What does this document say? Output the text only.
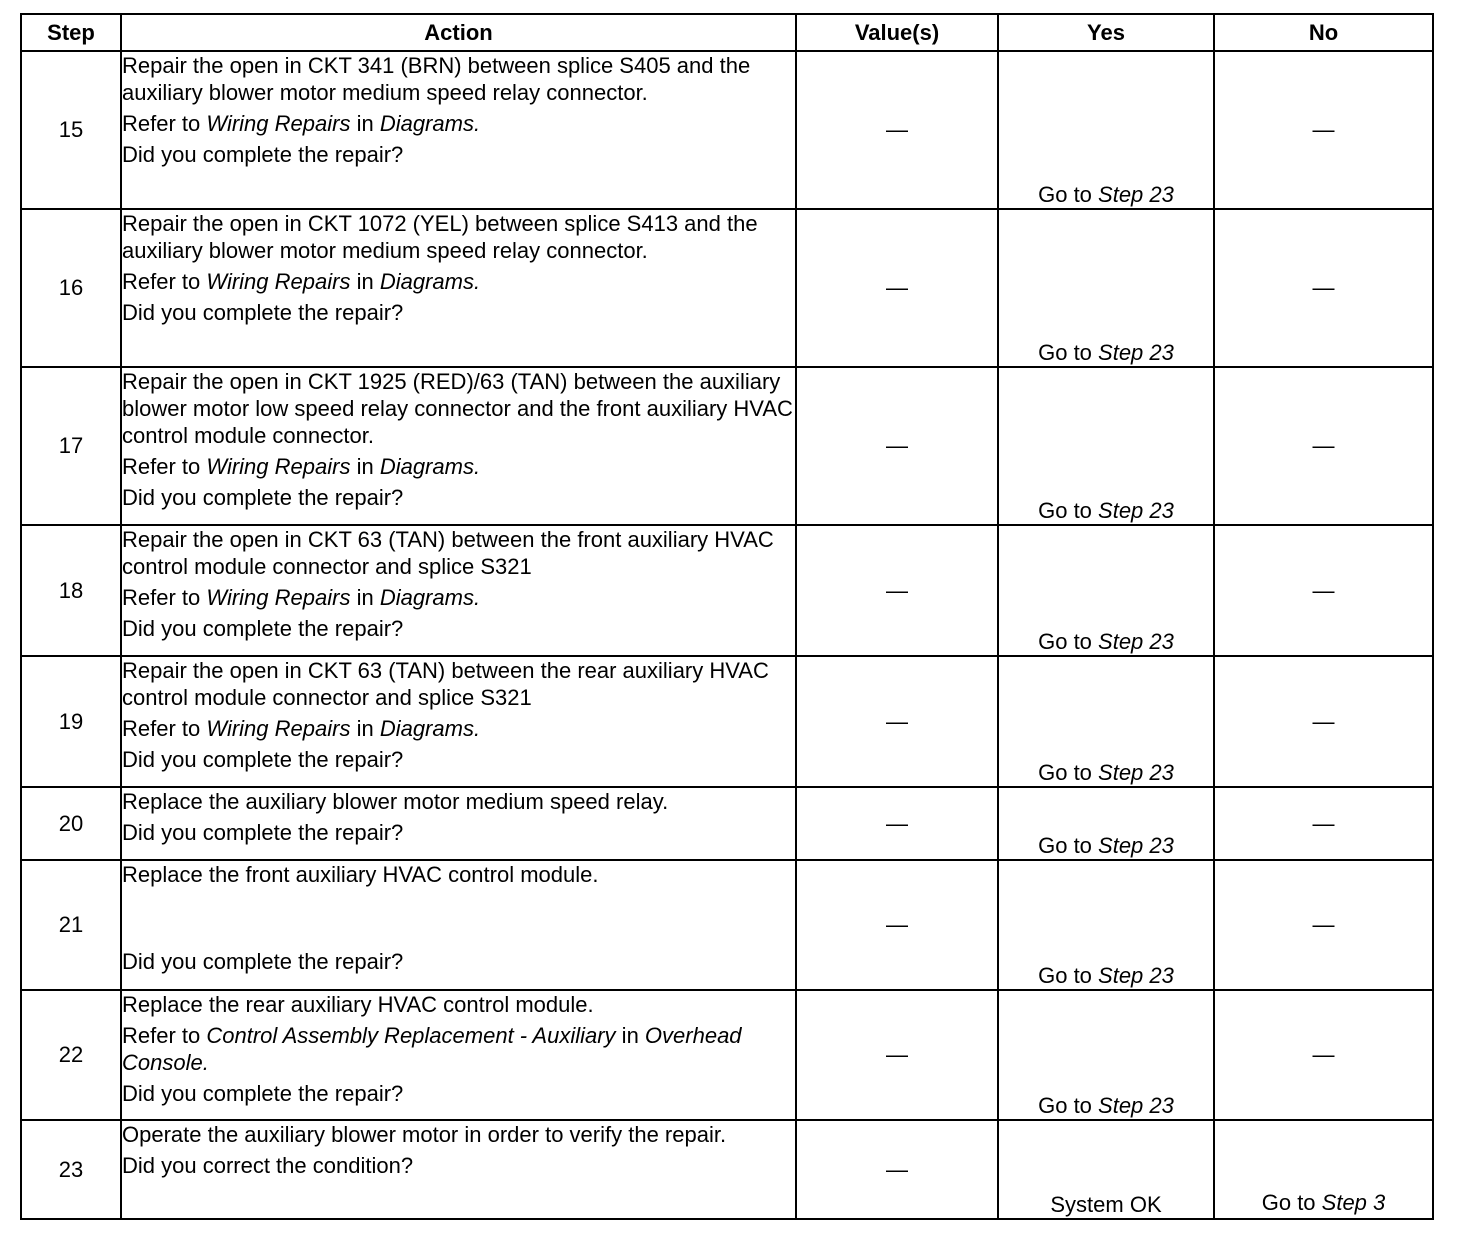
Step	Action	Value(s)	Yes	No
15	Repair the open in CKT 341 (BRN) between splice S405 and the auxiliary blower motor medium speed relay connector.
Refer to Wiring Repairs in Diagrams.
Did you complete the repair?	—	Go to Step 23	—
16	Repair the open in CKT 1072 (YEL) between splice S413 and the auxiliary blower motor medium speed relay connector.
Refer to Wiring Repairs in Diagrams.
Did you complete the repair?	—	Go to Step 23	—
17	Repair the open in CKT 1925 (RED)/63 (TAN) between the auxiliary blower motor low speed relay connector and the front auxiliary HVAC control module connector.
Refer to Wiring Repairs in Diagrams.
Did you complete the repair?	—	Go to Step 23	—
18	Repair the open in CKT 63 (TAN) between the front auxiliary HVAC control module connector and splice S321
Refer to Wiring Repairs in Diagrams.
Did you complete the repair?	—	Go to Step 23	—
19	Repair the open in CKT 63 (TAN) between the rear auxiliary HVAC control module connector and splice S321
Refer to Wiring Repairs in Diagrams.
Did you complete the repair?	—	Go to Step 23	—
20	Replace the auxiliary blower motor medium speed relay.
Did you complete the repair?	—	Go to Step 23	—
21	Replace the front auxiliary HVAC control module.
Did you complete the repair?	—	Go to Step 23	—
22	Replace the rear auxiliary HVAC control module.
Refer to Control Assembly Replacement - Auxiliary in Overhead Console.
Did you complete the repair?	—	Go to Step 23	—
23	Operate the auxiliary blower motor in order to verify the repair.
Did you correct the condition?	—	System OK	Go to Step 3
